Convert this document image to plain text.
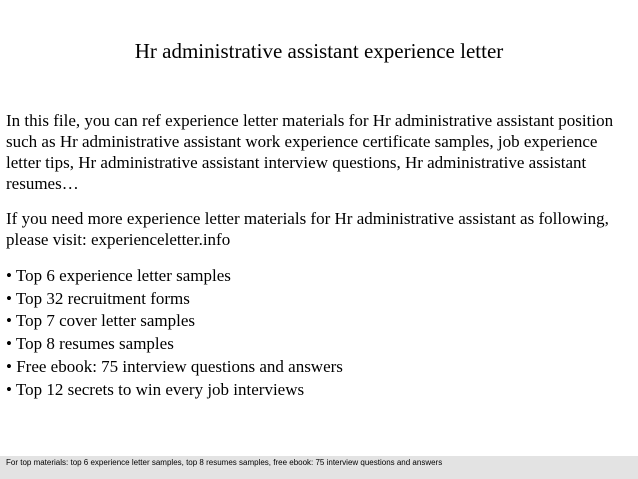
Hr administrative assistant experience letter

In this file, you can ref experience letter materials for Hr administrative assistant position such as Hr administrative assistant work experience certificate samples, job experience letter tips, Hr administrative assistant interview questions, Hr administrative assistant resumes…

If you need more experience letter materials for Hr administrative assistant as following, please visit: experienceletter.info

• Top 6 experience letter samples
• Top 32 recruitment forms
• Top 7 cover letter samples
• Top 8 resumes samples
• Free ebook: 75 interview questions and answers
• Top 12 secrets to win every job interviews
For top materials: top 6 experience letter samples, top 8 resumes samples, free ebook: 75 interview questions and answers
